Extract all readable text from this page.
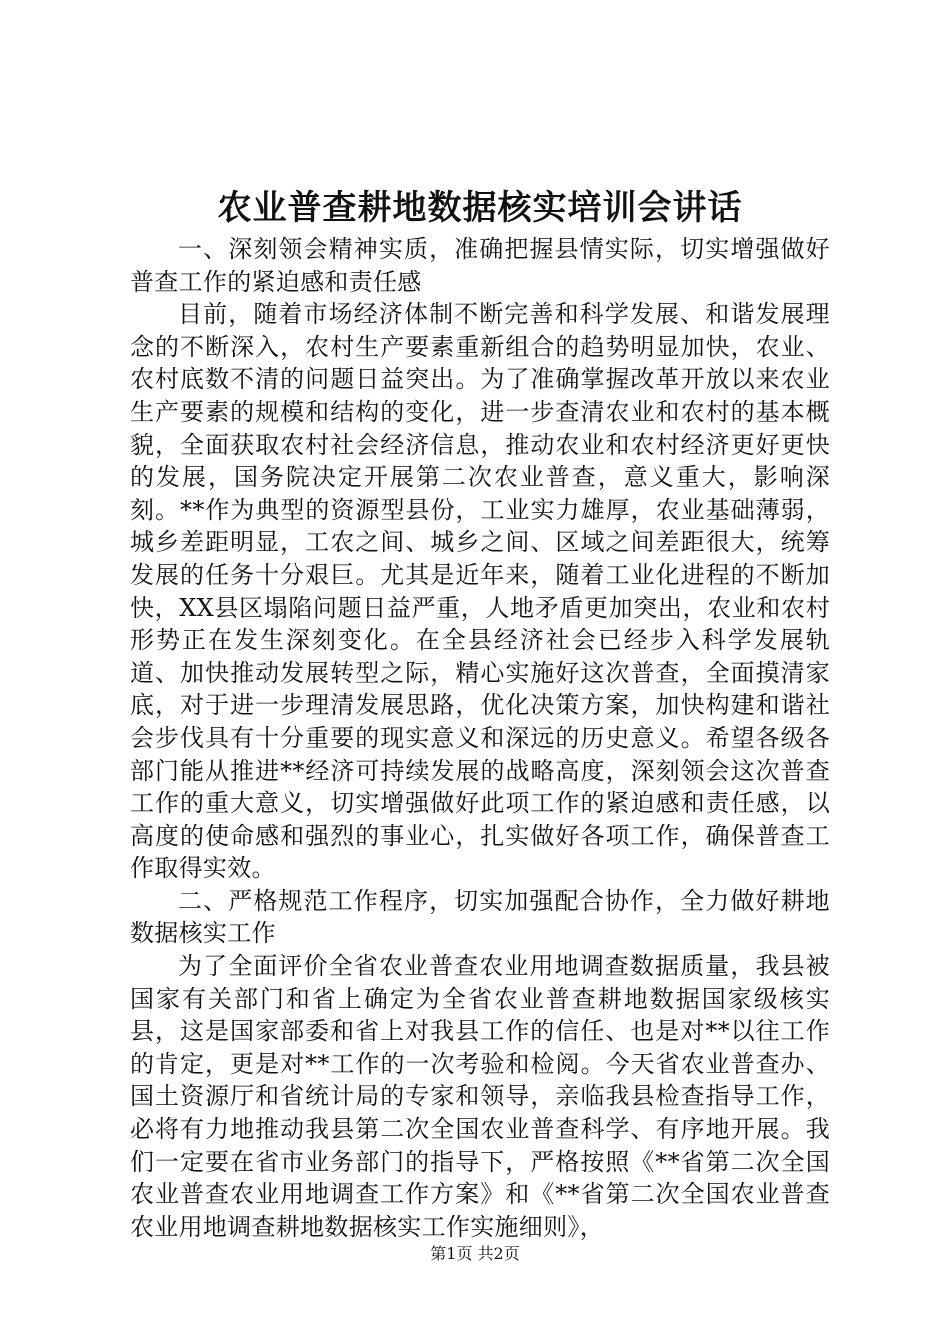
农业普查耕地数据核实培训会讲话

一、深刻领会精神实质，准确把握县情实际，切实增强做好普查工作的紧迫感和责任感

目前，随着市场经济体制不断完善和科学发展、和谐发展理念的不断深入，农村生产要素重新组合的趋势明显加快，农业、农村底数不清的问题日益突出。为了准确掌握改革开放以来农业生产要素的规模和结构的变化，进一步查清农业和农村的基本概貌，全面获取农村社会经济信息，推动农业和农村经济更好更快的发展，国务院决定开展第二次农业普查，意义重大，影响深刻。**作为典型的资源型县份，工业实力雄厚，农业基础薄弱，城乡差距明显，工农之间、城乡之间、区域之间差距很大，统筹发展的任务十分艰巨。尤其是近年来，随着工业化进程的不断加快，XX县区塌陷问题日益严重，人地矛盾更加突出，农业和农村形势正在发生深刻变化。在全县经济社会已经步入科学发展轨道、加快推动发展转型之际，精心实施好这次普查，全面摸清家底，对于进一步理清发展思路，优化决策方案，加快构建和谐社会步伐具有十分重要的现实意义和深远的历史意义。希望各级各部门能从推进**经济可持续发展的战略高度，深刻领会这次普查工作的重大意义，切实增强做好此项工作的紧迫感和责任感，以高度的使命感和强烈的事业心，扎实做好各项工作，确保普查工作取得实效。

二、严格规范工作程序，切实加强配合协作，全力做好耕地数据核实工作

为了全面评价全省农业普查农业用地调查数据质量，我县被国家有关部门和省上确定为全省农业普查耕地数据国家级核实县，这是国家部委和省上对我县工作的信任、也是对**以往工作的肯定，更是对**工作的一次考验和检阅。今天省农业普查办、国土资源厅和省统计局的专家和领导，亲临我县检查指导工作，必将有力地推动我县第二次全国农业普查科学、有序地开展。我们一定要在省市业务部门的指导下，严格按照《**省第二次全国农业普查农业用地调查工作方案》和《**省第二次全国农业普查农业用地调查耕地数据核实工作实施细则》，

第1页 共2页
